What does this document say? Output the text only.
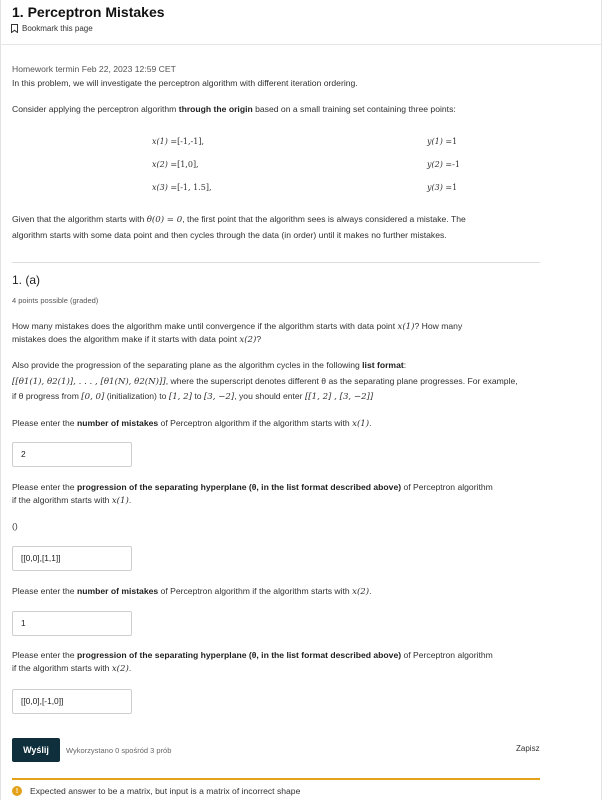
1. Perceptron Mistakes
Bookmark this page
Homework termin Feb 22, 2023 12:59 CET

In this problem, we will investigate the perceptron algorithm with different iteration ordering.

Consider applying the perceptron algorithm through the origin based on a small training set containing three points:

x(1) =[-1,-1],	y(1) =1
x(2) =[1,0],	y(2) =-1
x(3) =[-1, 1.5],	y(3) =1

Given that the algorithm starts with θ(0) = 0, the first point that the algorithm sees is always considered a mistake. The

algorithm starts with some data point and then cycles through the data (in order) until it makes no further mistakes.

1. (a)
4 points possible (graded)

How many mistakes does the algorithm make until convergence if the algorithm starts with data point x(1)? How many

mistakes does the algorithm make if it starts with data point x(2)?

Also provide the progression of the separating plane as the algorithm cycles in the following list format:

[[θ1(1), θ2(1)], . . . , [θ1(N), θ2(N)]], where the superscript denotes different θ as the separating plane progresses. For example,

if θ progress from [0, 0] (initialization) to [1, 2] to [3, −2], you should enter [[1, 2] , [3, −2]]

Please enter the number of mistakes of Perceptron algorithm if the algorithm starts with x(1).

2

Please enter the progression of the separating hyperplane (θ, in the list format described above) of Perceptron algorithm

if the algorithm starts with x(1).

()

[[0,0],[1,1]]

Please enter the number of mistakes of Perceptron algorithm if the algorithm starts with x(2).

1

Please enter the progression of the separating hyperplane (θ, in the list format described above) of Perceptron algorithm

if the algorithm starts with x(2).

[[0,0],[-1,0]]
Wyślij	Wykorzystano 0 spośród 3 prób	Zapisz
!	Expected answer to be a matrix, but input is a matrix of incorrect shape
